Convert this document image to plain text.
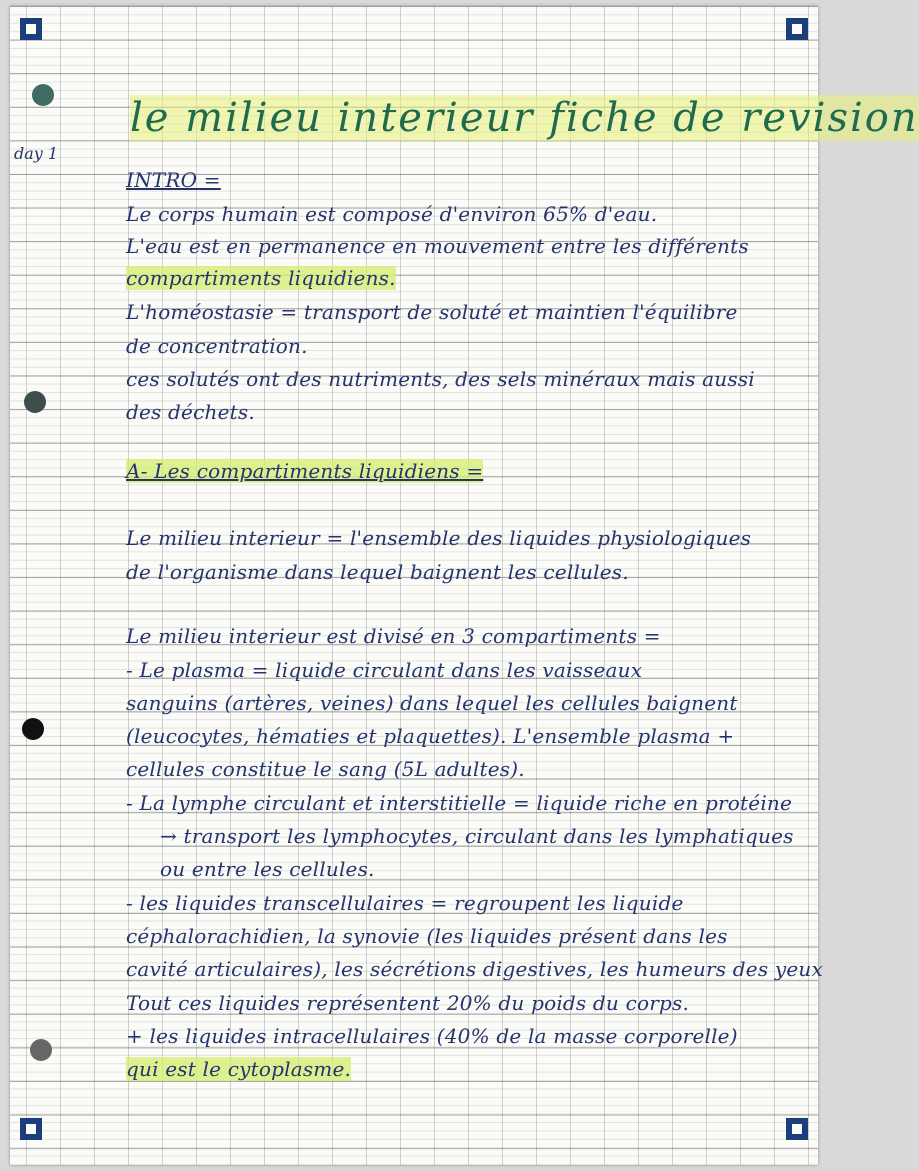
le milieu interieur fiche de revision
day 1
INTRO =
Le corps humain est composé d'environ 65% d'eau.
L'eau est en permanence en mouvement entre les différents
compartiments liquidiens.
L'homéostasie = transport de soluté et maintien l'équilibre
de concentration.
ces solutés ont des nutriments, des sels minéraux mais aussi
des déchets.
A- Les compartiments liquidiens =
Le milieu interieur = l'ensemble des liquides physiologiques
de l'organisme dans lequel baignent les cellules.
Le milieu interieur est divisé en 3 compartiments =
- Le plasma = liquide circulant dans les vaisseaux
sanguins (artères, veines) dans lequel les cellules baignent
(leucocytes, hématies et plaquettes). L'ensemble plasma +
cellules constitue le sang (5L adultes).
- La lymphe circulant et interstitielle = liquide riche en protéine
→ transport les lymphocytes, circulant dans les lymphatiques
ou entre les cellules.
- les liquides transcellulaires = regroupent les liquide
céphalorachidien, la synovie (les liquides présent dans les
cavité articulaires), les sécrétions digestives, les humeurs des yeux
Tout ces liquides représentent 20% du poids du corps.
+ les liquides intracellulaires (40% de la masse corporelle)
qui est le cytoplasme.
